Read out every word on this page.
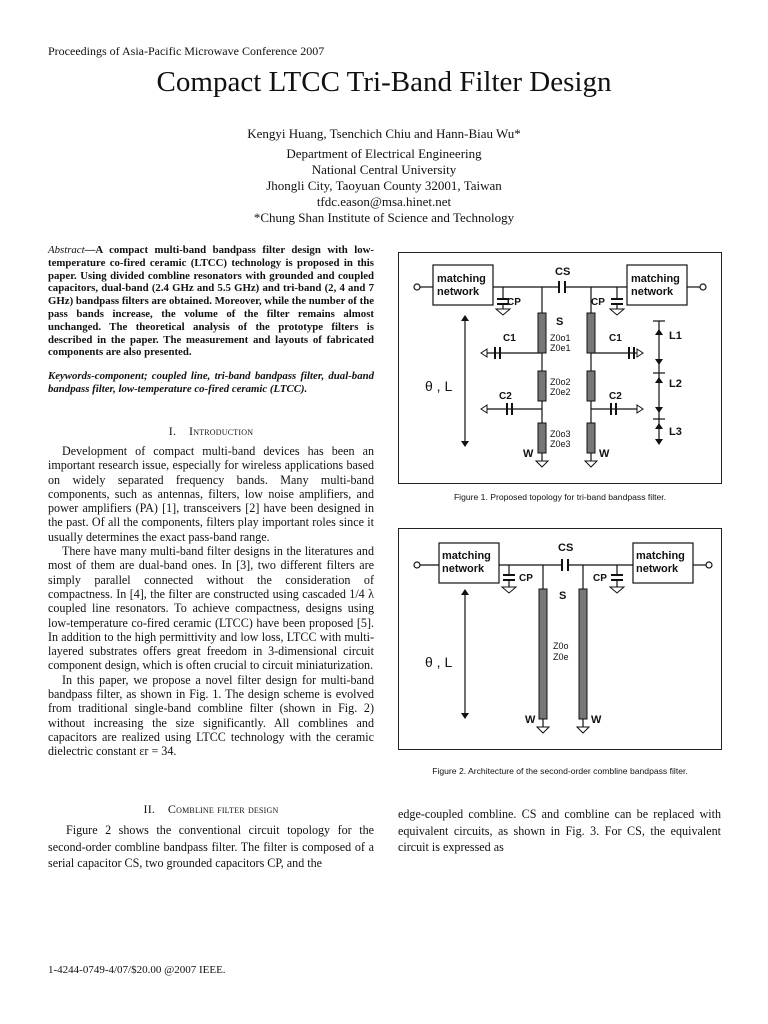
Proceedings of Asia-Pacific Microwave Conference 2007
Compact LTCC Tri-Band Filter Design
Kengyi Huang, Tsenchich Chiu and Hann-Biau Wu*
Department of Electrical Engineering
National Central University
Jhongli City, Taoyuan County 32001, Taiwan
tfdc.eason@msa.hinet.net
*Chung Shan Institute of Science and Technology
Abstract—A compact multi-band bandpass filter design with low-temperature co-fired ceramic (LTCC) technology is proposed in this paper. Using divided combline resonators with grounded and coupled capacitors, dual-band (2.4 GHz and 5.5 GHz) and tri-band (2, 4 and 7 GHz) bandpass filters are obtained. Moreover, while the number of the pass bands increase, the volume of the filter remains almost unchanged. The theoretical analysis of the prototype filters is described in the paper. The measurement and layouts of fabricated components are also presented.
Keywords-component; coupled line, tri-band bandpass filter, dual-band bandpass filter, low-temperature co-fired ceramic (LTCC).
I. Introduction

Development of compact multi-band devices has been an important research issue, especially for wireless applications based on widely separated frequency bands. Many multi-band components, such as antennas, filters, low noise amplifiers, and power amplifiers (PA) [1], transceivers [2] have been designed in the past. Of all the components, filters play important roles since it usually determines the exact pass-band range.

There have many multi-band filter designs in the literatures and most of them are dual-band ones. In [3], two different filters are simply parallel connected without the consideration of compactness. In [4], the filter are constructed using cascaded 1/4 λ coupled line resonators. To achieve compactness, designs using low-temperature co-fired ceramic (LTCC) have been proposed [5]. In addition to the high permittivity and low loss, LTCC with multi-layered substrates offers great freedom in 3-dimensional circuit component design, which is often crucial to circuit miniaturization.

In this paper, we propose a novel filter design for multi-band bandpass filter, as shown in Fig. 1. The design scheme is evolved from traditional single-band combline filter (shown in Fig. 2) without increasing the size significantly. All comblines and capacitors are realized using LTCC technology with the ceramic dielectric constant εr = 34.

II. Combline filter design

Figure 2 shows the conventional circuit topology for the second-order combline bandpass filter. The filter is composed of a serial capacitor CS, two grounded capacitors CP, and the

matching
network
matching
network
CS
CP	CP
S
C1	C1
C2	C2
Z0o1
Z0e1
Z0o2
Z0e2
Z0o3
Z0e3
θ , L
L1
L2
L3
W	W
Figure 1. Proposed topology for tri-band bandpass filter.
matching
network
matching
network
CS
CP	CP
S
Z0o
Z0e
θ , L
W	W
Figure 2. Architecture of the second-order combline bandpass filter.
edge-coupled combline. CS and combline can be replaced with equivalent circuits, as shown in Fig. 3. For CS, the equivalent circuit is expressed as
1-4244-0749-4/07/$20.00 @2007 IEEE.
